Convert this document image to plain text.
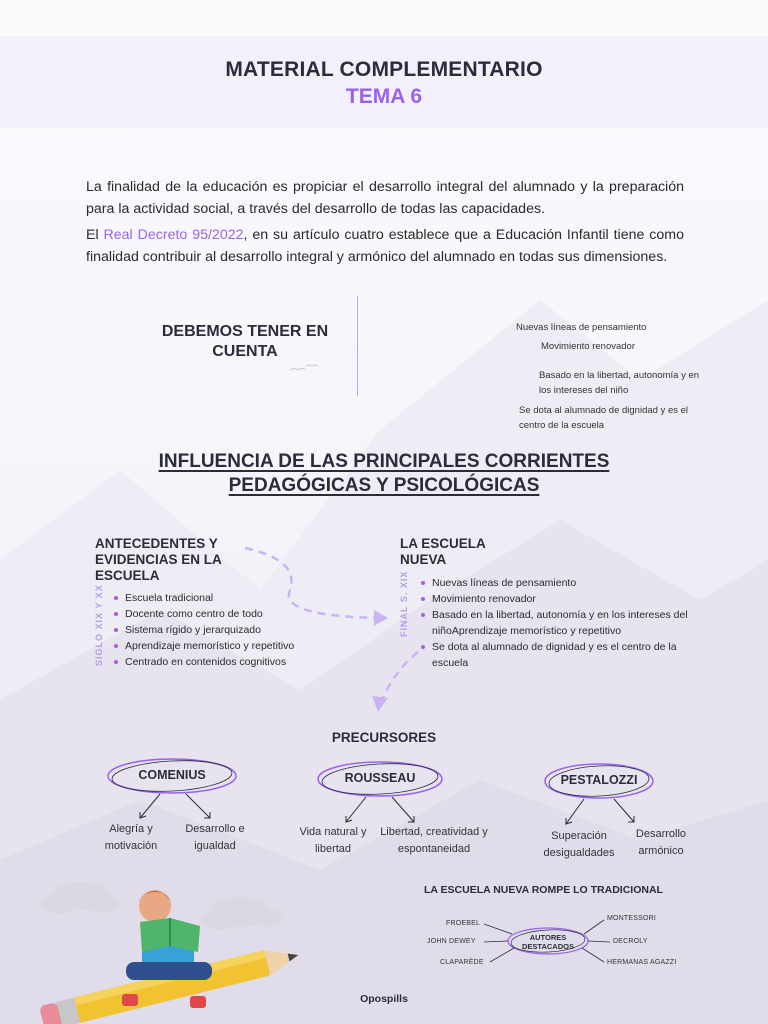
MATERIAL COMPLEMENTARIO
TEMA 6

La finalidad de la educación es propiciar el desarrollo integral del alumnado y la preparación para la actividad social, a través del desarrollo de todas las capacidades.

El Real Decreto 95/2022, en su artículo cuatro establece que a Educación Infantil tiene como finalidad contribuir al desarrollo integral y armónico del alumnado en todas sus dimensiones.

DEBEMOS TENER EN CUENTA
Nuevas líneas de pensamiento
Movimiento renovador
Basado en la libertad, autonomía y en los intereses del niño
Se dota al alumnado de dignidad y es el centro de la escuela
INFLUENCIA DE LAS PRINCIPALES CORRIENTES
PEDAGÓGICAS Y PSICOLÓGICAS
ANTECEDENTES Y EVIDENCIAS EN LA ESCUELA
SIGLO XIX Y XX	Escuela tradicional
Docente como centro de todo
Sistema rígido y jerarquizado
Aprendizaje memorístico y repetitivo
Centrado en contenidos cognitivos
LA ESCUELA NUEVA
FINAL S. XIX	Nuevas líneas de pensamiento
Movimiento renovador
Basado en la libertad, autonomía y en los intereses del niñoAprendizaje memorístico y repetitivo
Se dota al alumnado de dignidad y es el centro de la escuela
PRECURSORES
COMENIUS	ROUSSEAU	PESTALOZZI
Alegría y motivación
Desarrollo e igualdad
Vida natural y libertad
Libertad, creatividad y espontaneidad
Superación desigualdades
Desarrollo armónico
LA ESCUELA NUEVA ROMPE LO TRADICIONAL
AUTORES DESTACADOS
FROEBEL
JOHN DEWEY
CLAPARÈDE
MONTESSORI
DECROLY
HERMANAS AGAZZI
Opospills
